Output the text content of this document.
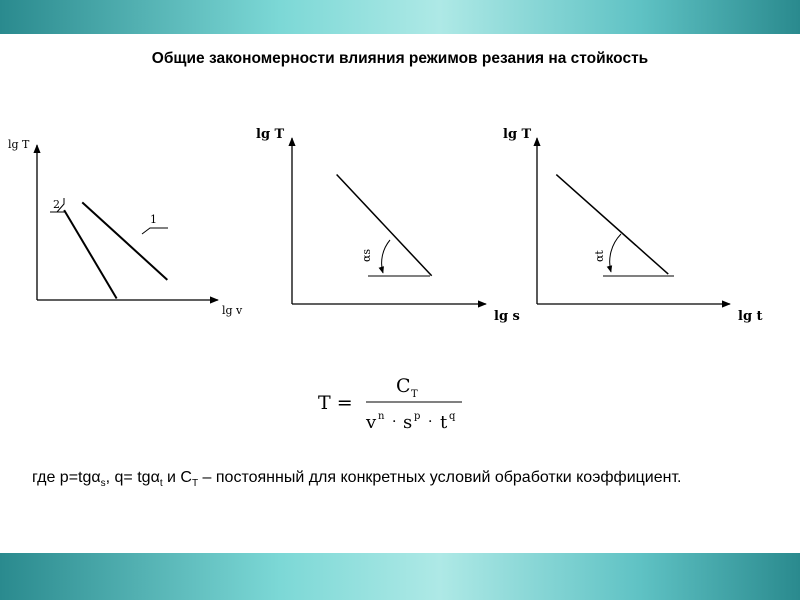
Общие закономерности влияния режимов резания на стойкость
lg T
lg v
1
2
lg T
lg s
αs
lg T
lg t
αt
T =
C T
v n · s p · t q
где p=tgα$_s$, q= tgα$_t$ и $C_T$ – постоянный для конкретных условий обработки коэффициент.
